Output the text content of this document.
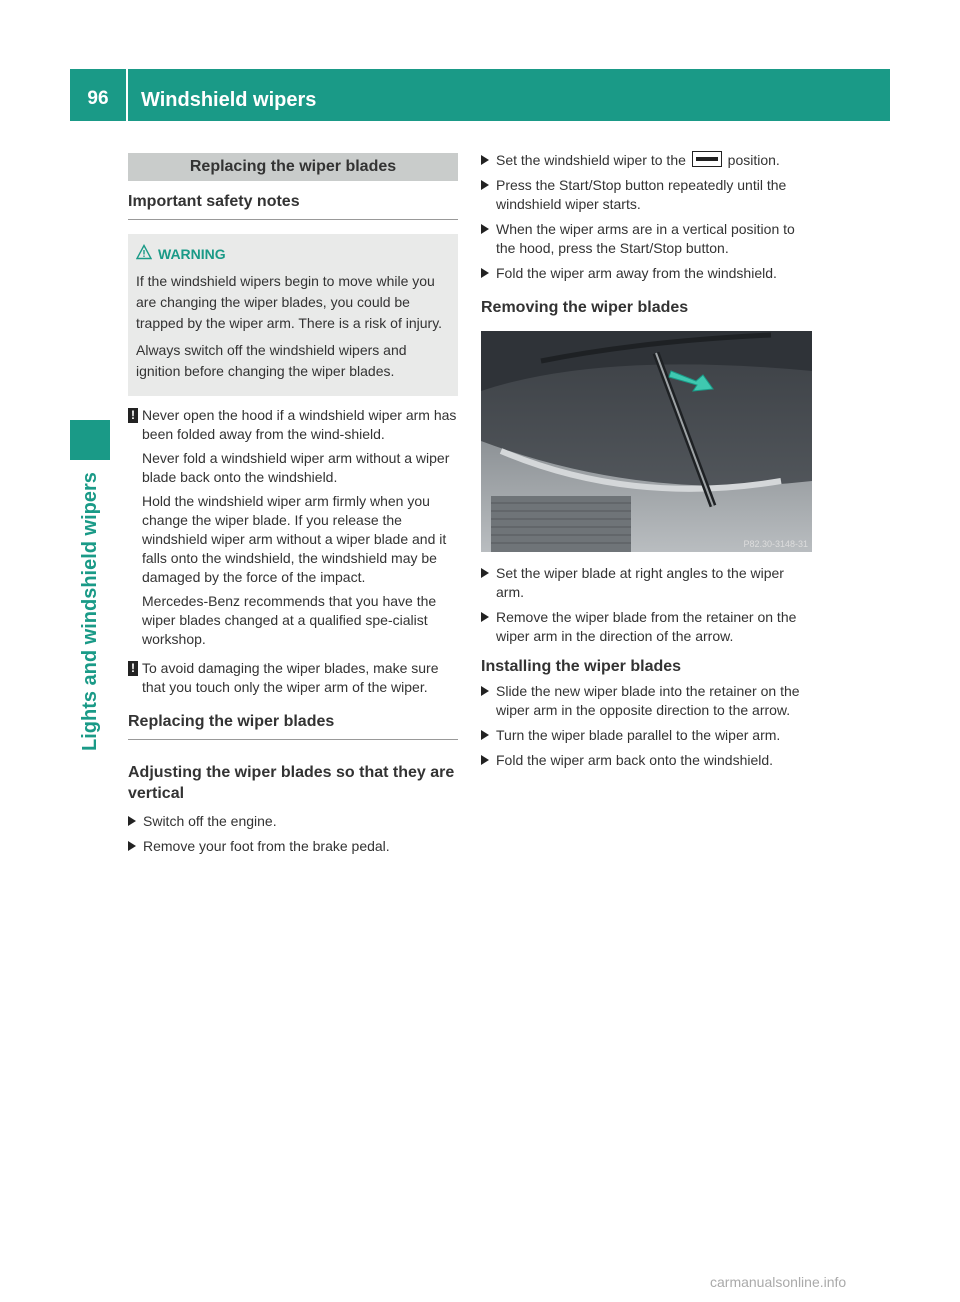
96	Windshield wipers
Lights and windshield wipers
Replacing the wiper blades
Important safety notes
WARNING

If the windshield wipers begin to move while you are changing the wiper blades, you could be trapped by the wiper arm. There is a risk of injury.

Always switch off the windshield wipers and ignition before changing the wiper blades.

! Never open the hood if a windshield wiper arm has been folded away from the wind-shield.

Never fold a windshield wiper arm without a wiper blade back onto the windshield.

Hold the windshield wiper arm firmly when you change the wiper blade. If you release the windshield wiper arm without a wiper blade and it falls onto the windshield, the windshield may be damaged by the force of the impact.

Mercedes-Benz recommends that you have the wiper blades changed at a qualified spe-cialist workshop.

! To avoid damaging the wiper blades, make sure that you touch only the wiper arm of the wiper.

Replacing the wiper blades
Adjusting the wiper blades so that they are vertical
Switch off the engine.
Remove your foot from the brake pedal.
Set the windshield wiper to the	position.
Press the Start/Stop button repeatedly until the windshield wiper starts.
When the wiper arms are in a vertical position to the hood, press the Start/Stop button.
Fold the wiper arm away from the windshield.
Removing the wiper blades
P82.30-3148-31
Set the wiper blade at right angles to the wiper arm.
Remove the wiper blade from the retainer on the wiper arm in the direction of the arrow.
Installing the wiper blades
Slide the new wiper blade into the retainer on the wiper arm in the opposite direction to the arrow.
Turn the wiper blade parallel to the wiper arm.
Fold the wiper arm back onto the windshield.
carmanualsonline.info
